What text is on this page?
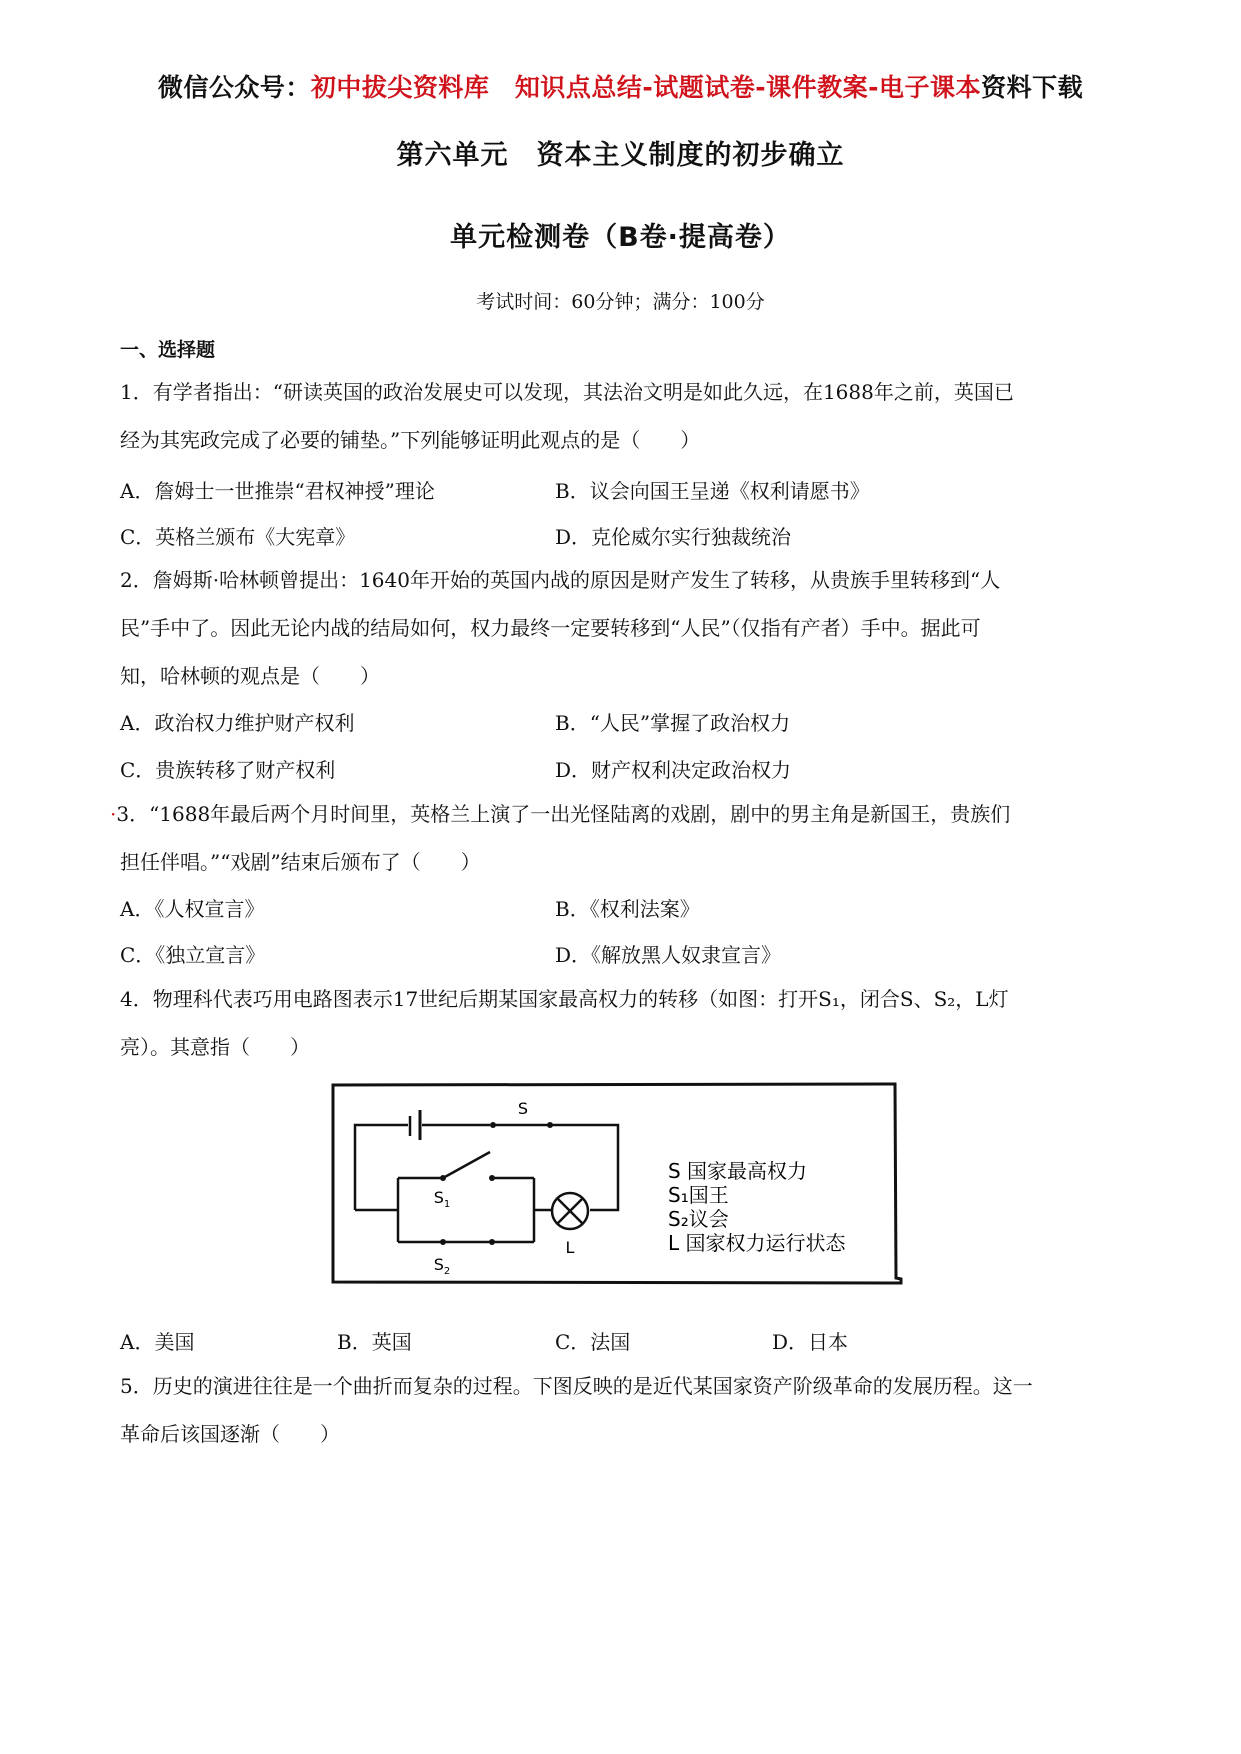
微信公众号：初中拔尖资料库　知识点总结-试题试卷-课件教案-电子课本资料下载
第六单元　资本主义制度的初步确立
单元检测卷（B卷·提高卷）
考试时间：60分钟；满分：100分
一、选择题
1．有学者指出：“研读英国的政治发展史可以发现，其法治文明是如此久远，在1688年之前，英国已
经为其宪政完成了必要的铺垫。”下列能够证明此观点的是（　　）
A．詹姆士一世推崇“君权神授”理论	B．议会向国王呈递《权利请愿书》
C．英格兰颁布《大宪章》	D．克伦威尔实行独裁统治
2．詹姆斯·哈林顿曾提出：1640年开始的英国内战的原因是财产发生了转移，从贵族手里转移到“人
民”手中了。因此无论内战的结局如何，权力最终一定要转移到“人民”（仅指有产者）手中。据此可
知，哈林顿的观点是（　　）
A．政治权力维护财产权利	B．“人民”掌握了政治权力
C．贵族转移了财产权利	D．财产权利决定政治权力
·3．“1688年最后两个月时间里，英格兰上演了一出光怪陆离的戏剧，剧中的男主角是新国王，贵族们
担任伴唱。”“戏剧”结束后颁布了（　　）
A．《人权宣言》	B．《权利法案》
C．《独立宣言》	D．《解放黑人奴隶宣言》
4．物理科代表巧用电路图表示17世纪后期某国家最高权力的转移（如图：打开S₁，闭合S、S₂，L灯
亮）。其意指（　　）
S
L
$S_1$
$S_2$
S 国家最高权力
S₁国王
S₂议会
L 国家权力运行状态
A．美国	B．英国	C．法国	D．日本
5．历史的演进往往是一个曲折而复杂的过程。下图反映的是近代某国家资产阶级革命的发展历程。这一
革命后该国逐渐（　　）
